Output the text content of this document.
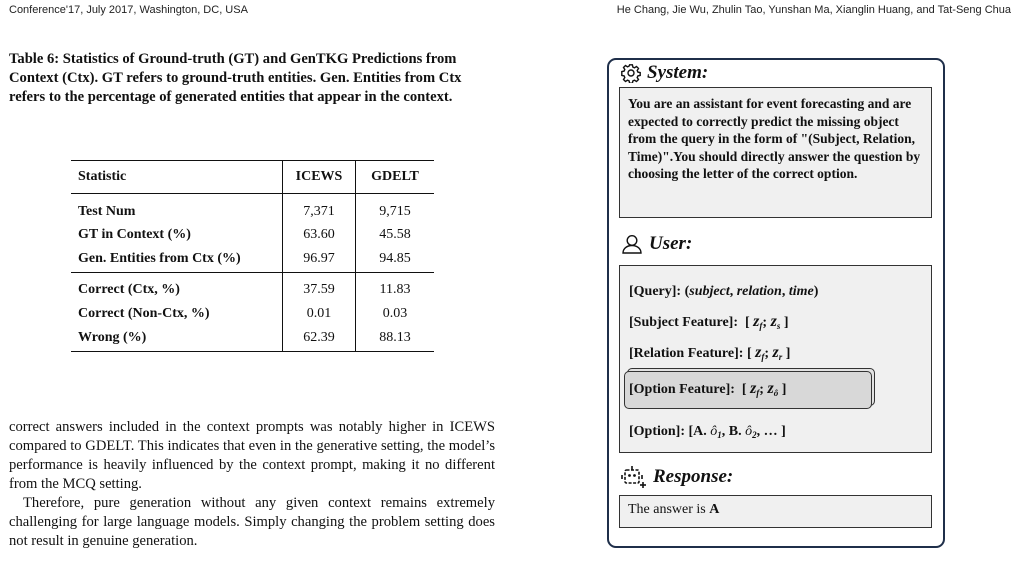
Conference'17, July 2017, Washington, DC, USA	He Chang, Jie Wu, Zhulin Tao, Yunshan Ma, Xianglin Huang, and Tat-Seng Chua
Table 6: Statistics of Ground-truth (GT) and GenTKG Predictions from Context (Ctx). GT refers to ground-truth entities. Gen. Entities from Ctx refers to the percentage of generated entities that appear in the context.
Statistic	ICEWS	GDELT
Test Num	7,371	9,715
GT in Context (%)	63.60	45.58
Gen. Entities from Ctx (%)	96.97	94.85
Correct (Ctx, %)	37.59	11.83
Correct (Non-Ctx, %)	0.01	0.03
Wrong (%)	62.39	88.13
correct answers included in the context prompts was notably higher in ICEWS compared to GDELT. This indicates that even in the generative setting, the model’s performance is heavily influenced by the context prompt, making it no different from the MCQ setting.
Therefore, pure generation without any given context remains extremely challenging for large language models. Simply changing the problem setting does not result in genuine generation.
System:
You are an assistant for event forecasting and are expected to correctly predict the missing object from the query in the form of "(Subject, Relation, Time)".You should directly answer the question by choosing the letter of the correct option.
User:
[Query]: (subject, relation, time)
[Subject Feature]:  [ $z_f$; $z_s$ ]
[Relation Feature]: [ $z_f$; $z_r$ ]
[Option Feature]:  [ $z_f$; $z_ô$ ]
[Option]: [A. $ô_1$, B. $ô_2$, … ]
Response:
The answer is A
